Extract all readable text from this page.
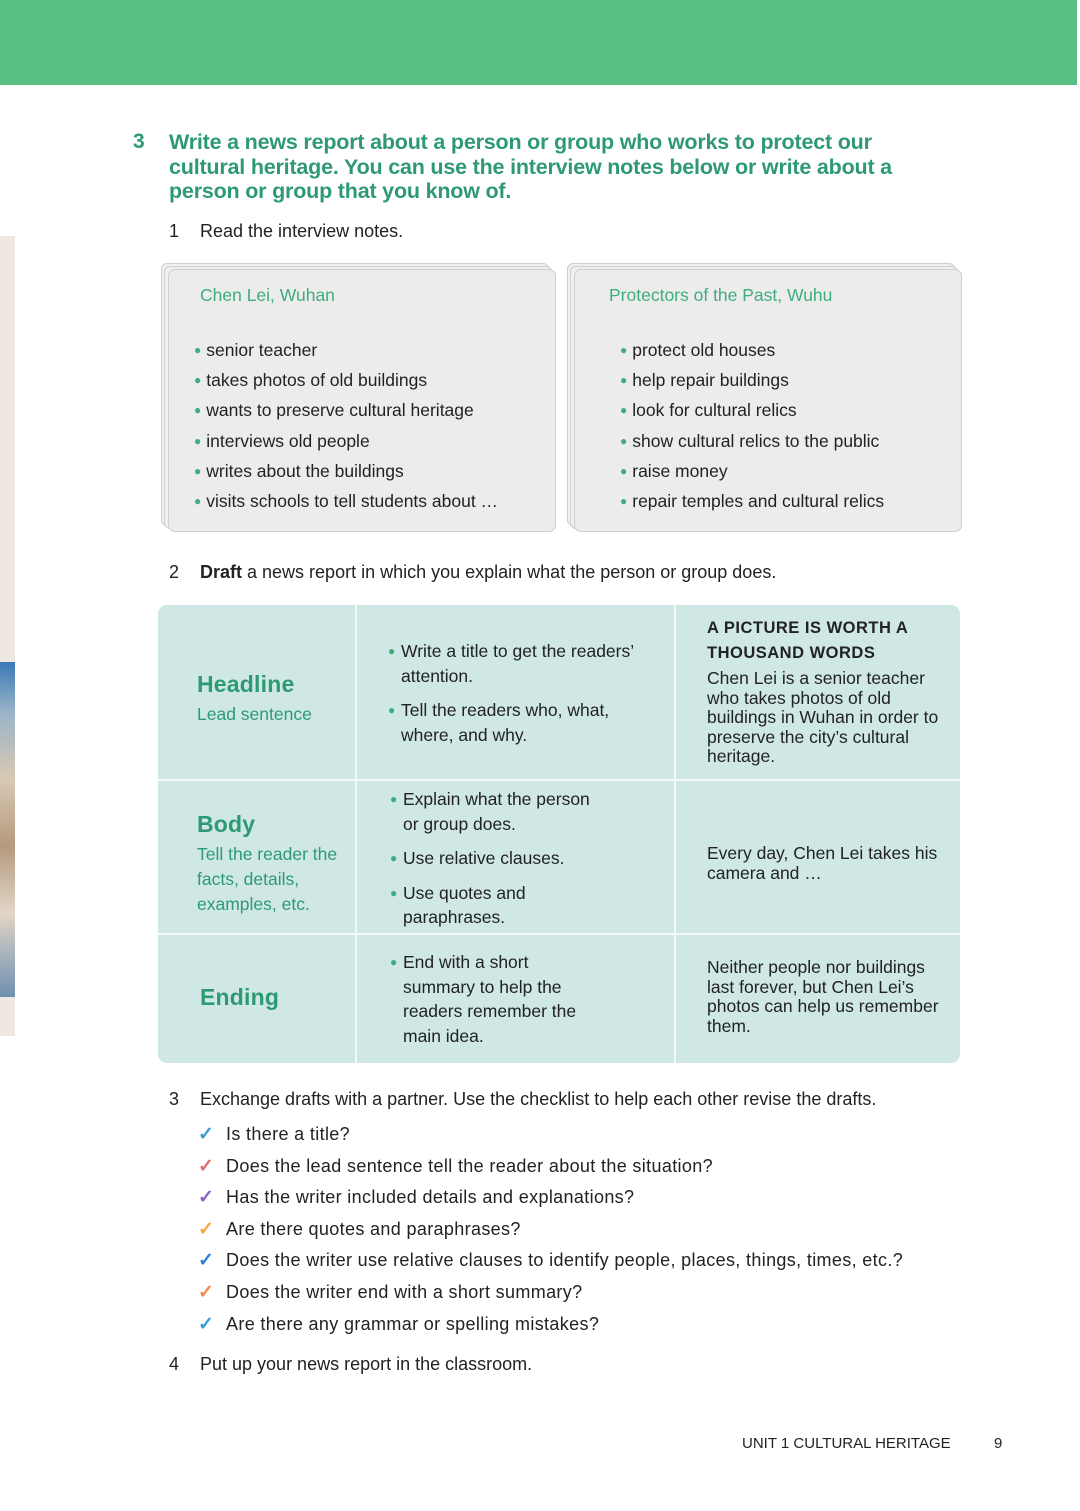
3 Write a news report about a person or group who works to protect our cultural heritage. You can use the interview notes below or write about a person or group that you know of.
1 Read the interview notes.
Chen Lei, Wuhan
● senior teacher
● takes photos of old buildings
● wants to preserve cultural heritage
● interviews old people
● writes about the buildings
● visits schools to tell students about …
Protectors of the Past, Wuhu
● protect old houses
● help repair buildings
● look for cultural relics
● show cultural relics to the public
● raise money
● repair temples and cultural relics
2 Draft a news report in which you explain what the person or group does.
Headline
Lead sentence
● Write a title to get the readers’ attention.
● Tell the readers who, what, where, and why.
A PICTURE IS WORTH A THOUSAND WORDS
Chen Lei is a senior teacher who takes photos of old buildings in Wuhan in order to preserve the city’s cultural heritage.
Body
Tell the reader the facts, details, examples, etc.
● Explain what the person or group does.
● Use relative clauses.
● Use quotes and paraphrases.
Every day, Chen Lei takes his camera and …
Ending
● End with a short summary to help the readers remember the main idea.
Neither people nor buildings last forever, but Chen Lei’s photos can help us remember them.
3 Exchange drafts with a partner. Use the checklist to help each other revise the drafts.
✓ Is there a title?
✓ Does the lead sentence tell the reader about the situation?
✓ Has the writer included details and explanations?
✓ Are there quotes and paraphrases?
✓ Does the writer use relative clauses to identify people, places, things, times, etc.?
✓ Does the writer end with a short summary?
✓ Are there any grammar or spelling mistakes?
4 Put up your news report in the classroom.
UNIT 1 CULTURAL HERITAGE	9
